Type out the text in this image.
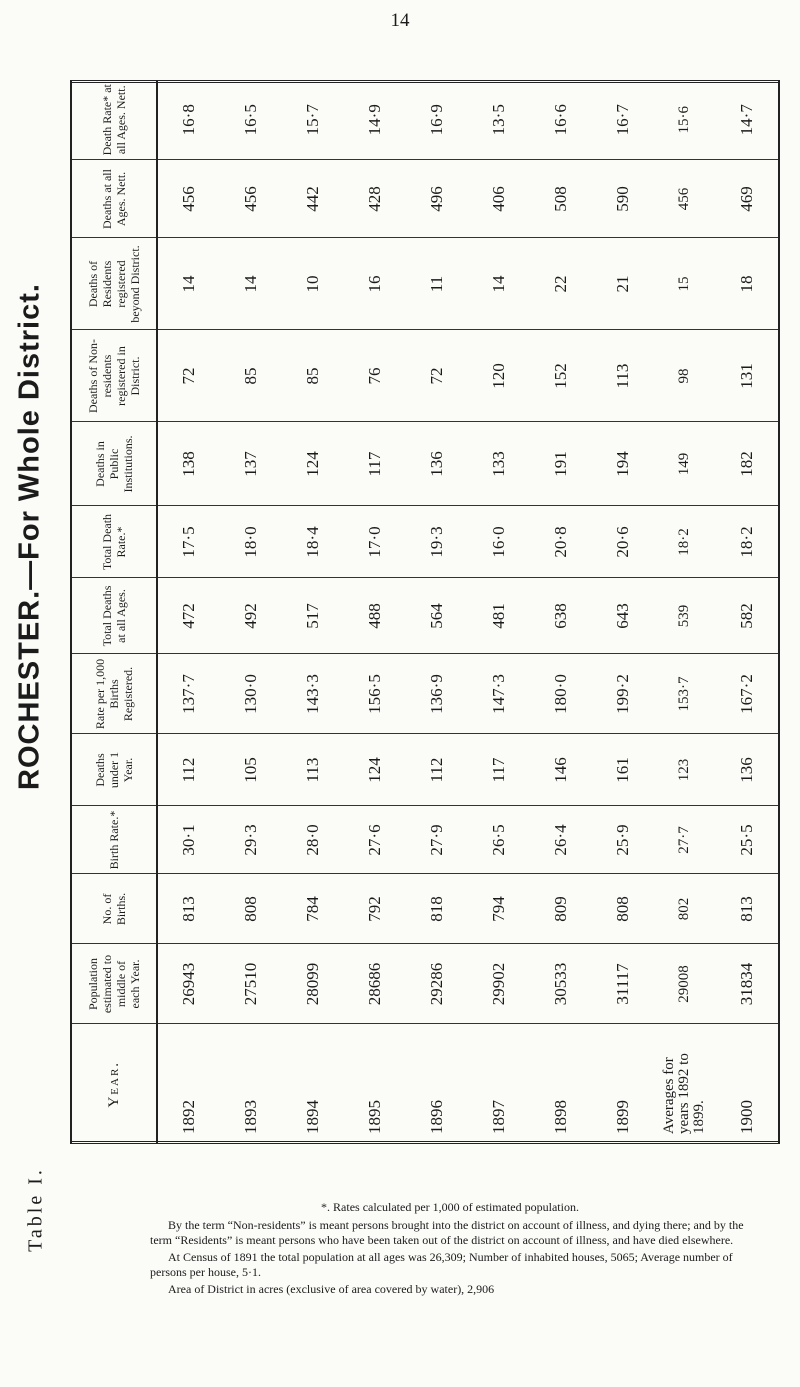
14
ROCHESTER.—For Whole District.
Table I.
Year.	Population estimated to middle of each Year.	No. of Births.	Birth Rate.*	Deaths under 1 Year.	Rate per 1,000 Births Registered.	Total Deaths at all Ages.	Total Death Rate.*	Deaths in Public Institutions.	Deaths of Non-residents registered in District.	Deaths of Residents registered beyond District.	Deaths at all Ages. Nett.	Death Rate* at all Ages. Nett.
1892	26943	813	30·1	112	137·7	472	17·5	138	72	14	456	16·8
1893	27510	808	29·3	105	130·0	492	18·0	137	85	14	456	16·5
1894	28099	784	28·0	113	143·3	517	18·4	124	85	10	442	15·7
1895	28686	792	27·6	124	156·5	488	17·0	117	76	16	428	14·9
1896	29286	818	27·9	112	136·9	564	19·3	136	72	11	496	16·9
1897	29902	794	26·5	117	147·3	481	16·0	133	120	14	406	13·5
1898	30533	809	26·4	146	180·0	638	20·8	191	152	22	508	16·6
1899	31117	808	25·9	161	199·2	643	20·6	194	113	21	590	16·7
Averages for years 1892 to 1899.	29008	802	27·7	123	153·7	539	18·2	149	98	15	456	15·6
1900	31834	813	25·5	136	167·2	582	18·2	182	131	18	469	14·7

*. Rates calculated per 1,000 of estimated population.

By the term “Non-residents” is meant persons brought into the district on account of illness, and dying there; and by the term “Residents” is meant persons who have been taken out of the district on account of illness, and have died elsewhere.

At Census of 1891 the total population at all ages was 26,309; Number of inhabited houses, 5065; Average number of persons per house, 5·1.

Area of District in acres (exclusive of area covered by water), 2,906
